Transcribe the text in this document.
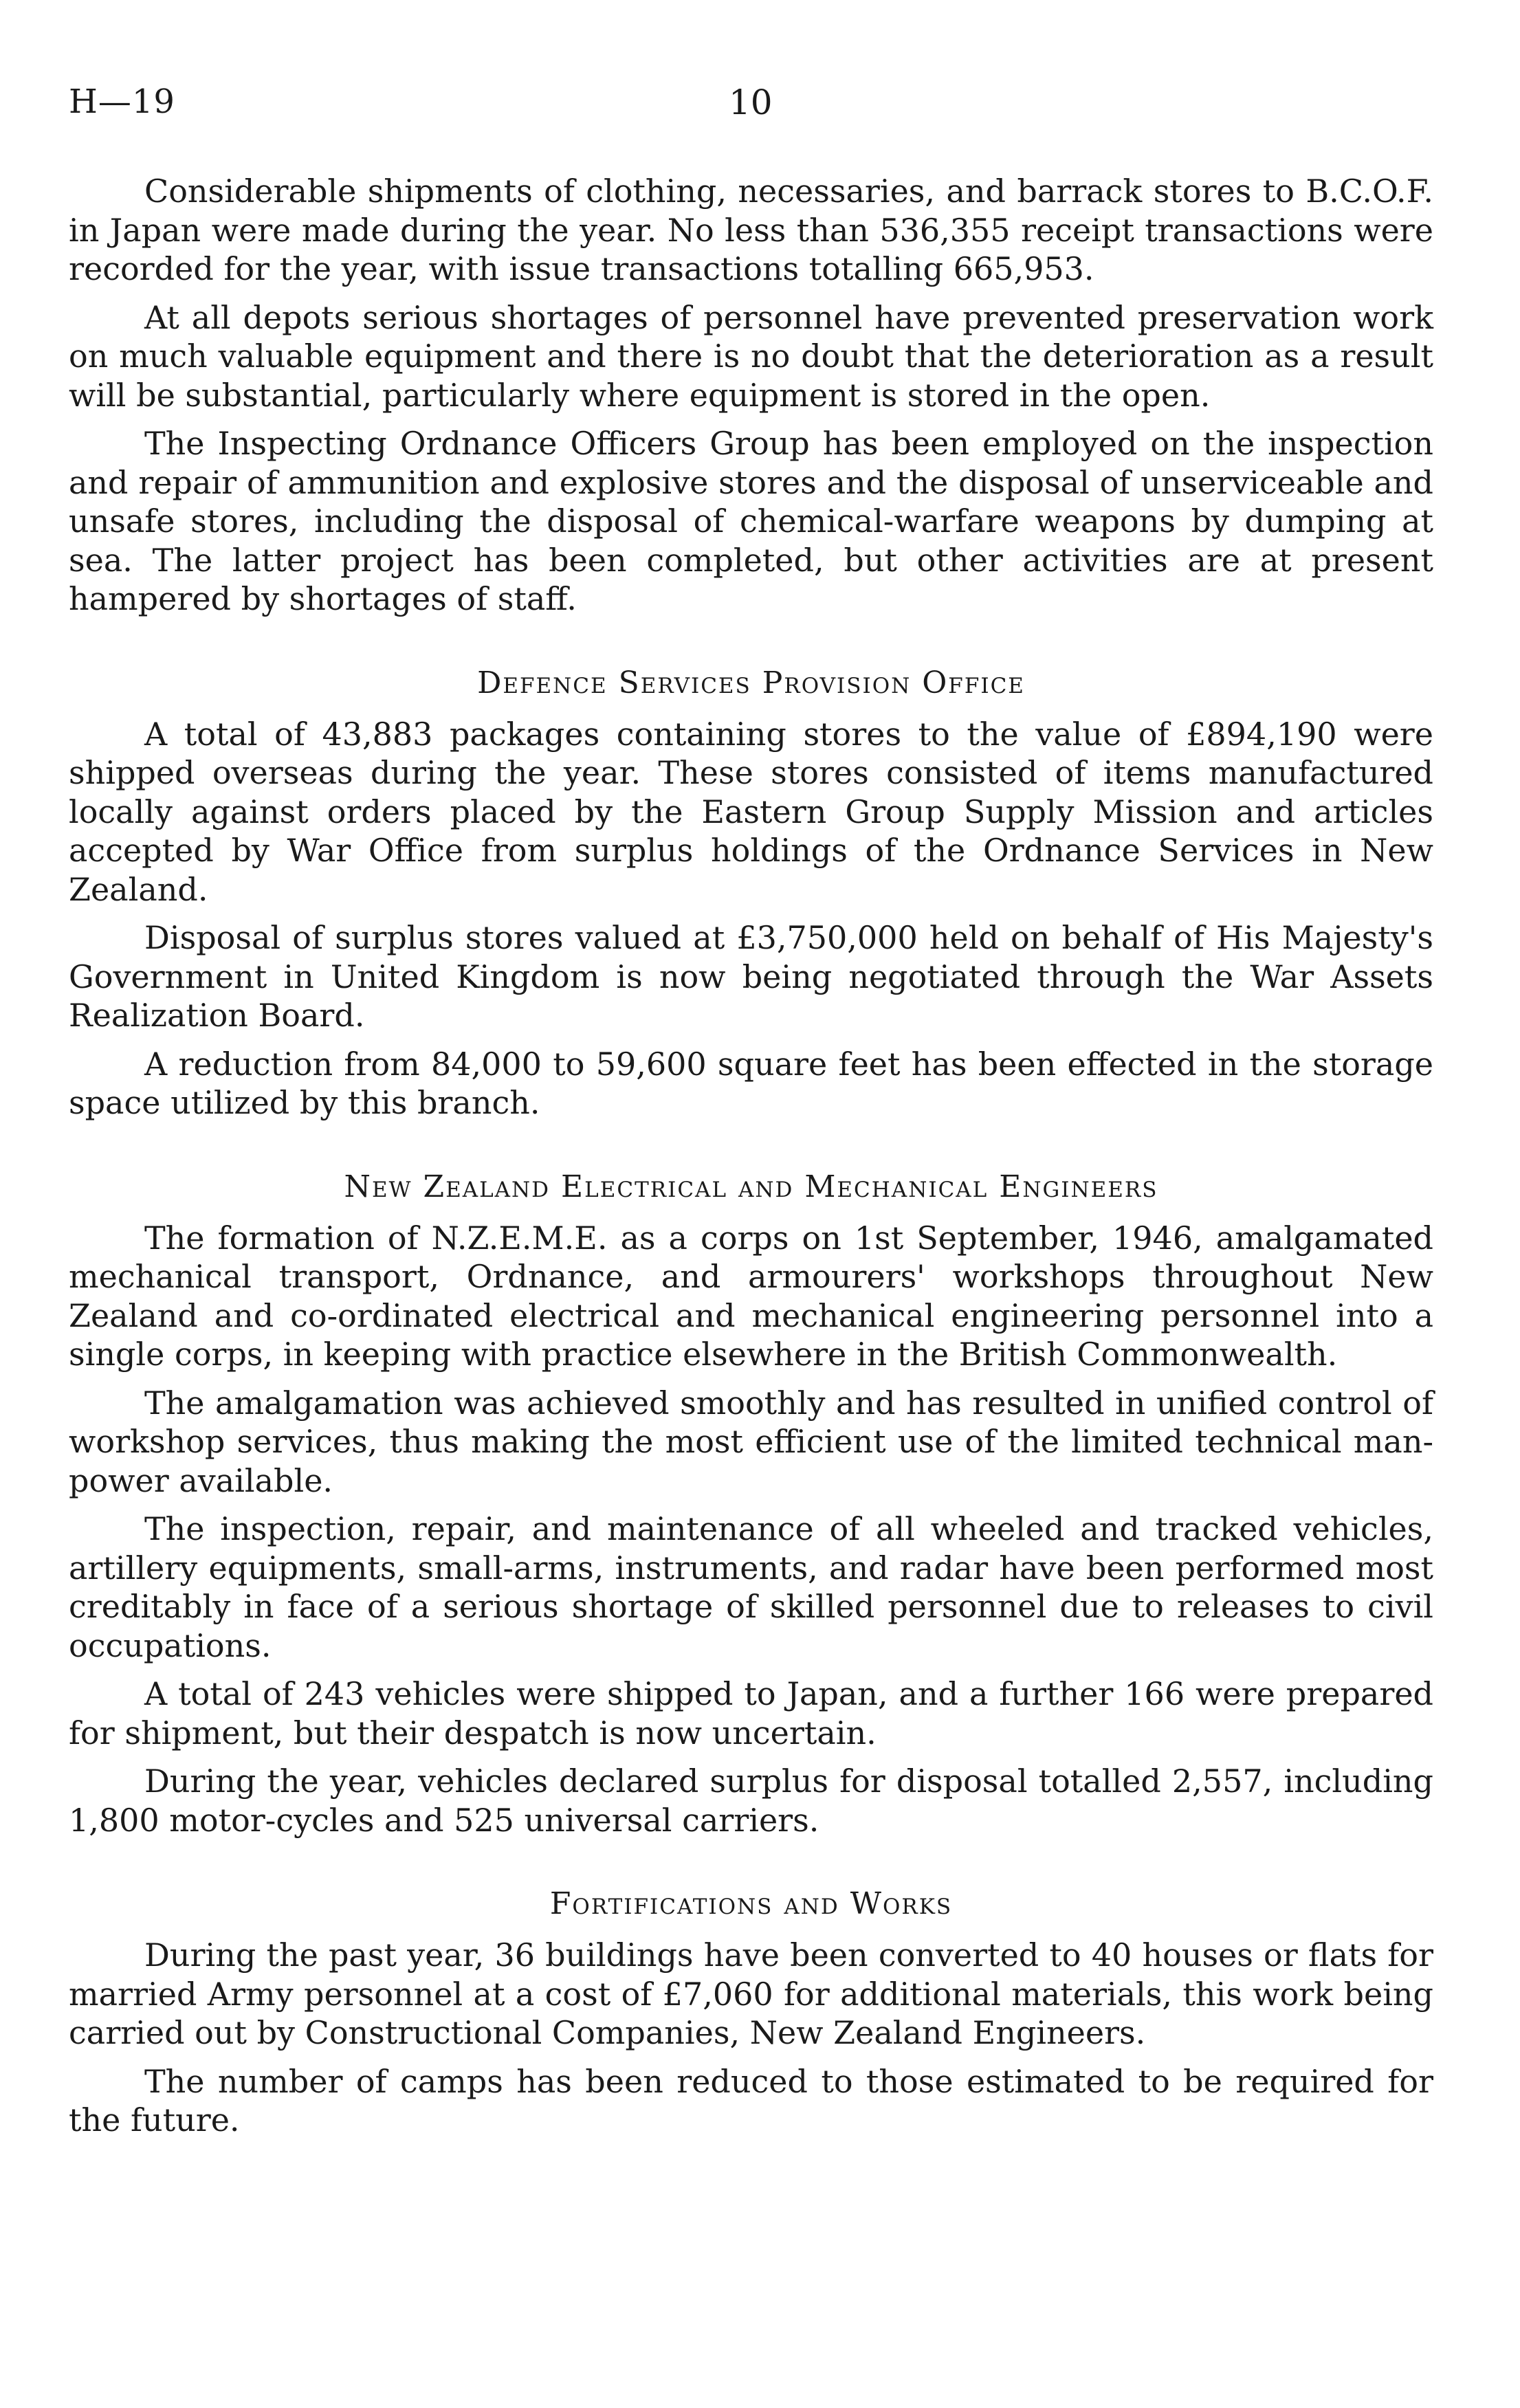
H—19	10

Considerable shipments of clothing, necessaries, and barrack stores to B.C.O.F. in Japan were made during the year. No less than 536,355 receipt transactions were recorded for the year, with issue transactions totalling 665,953.

At all depots serious shortages of personnel have prevented preservation work on much valuable equipment and there is no doubt that the deterioration as a result will be substantial, particularly where equipment is stored in the open.

The Inspecting Ordnance Officers Group has been employed on the inspection and repair of ammunition and explosive stores and the disposal of unserviceable and unsafe stores, including the disposal of chemical-warfare weapons by dumping at sea. The latter project has been completed, but other activities are at present hampered by shortages of staff.

Defence Services Provision Office

A total of 43,883 packages containing stores to the value of £894,190 were shipped overseas during the year. These stores consisted of items manufactured locally against orders placed by the Eastern Group Supply Mission and articles accepted by War Office from surplus holdings of the Ordnance Services in New Zealand.

Disposal of surplus stores valued at £3,750,000 held on behalf of His Majesty's Government in United Kingdom is now being negotiated through the War Assets Realization Board.

A reduction from 84,000 to 59,600 square feet has been effected in the storage space utilized by this branch.

New Zealand Electrical and Mechanical Engineers

The formation of N.Z.E.M.E. as a corps on 1st September, 1946, amalgamated mechanical transport, Ordnance, and armourers' workshops throughout New Zealand and co-ordinated electrical and mechanical engineering personnel into a single corps, in keeping with practice elsewhere in the British Commonwealth.

The amalgamation was achieved smoothly and has resulted in unified control of workshop services, thus making the most efficient use of the limited technical man-power available.

The inspection, repair, and maintenance of all wheeled and tracked vehicles, artillery equipments, small-arms, instruments, and radar have been performed most creditably in face of a serious shortage of skilled personnel due to releases to civil occupations.

A total of 243 vehicles were shipped to Japan, and a further 166 were prepared for shipment, but their despatch is now uncertain.

During the year, vehicles declared surplus for disposal totalled 2,557, including 1,800 motor-cycles and 525 universal carriers.

Fortifications and Works

During the past year, 36 buildings have been converted to 40 houses or flats for married Army personnel at a cost of £7,060 for additional materials, this work being carried out by Constructional Companies, New Zealand Engineers.

The number of camps has been reduced to those estimated to be required for the future.
